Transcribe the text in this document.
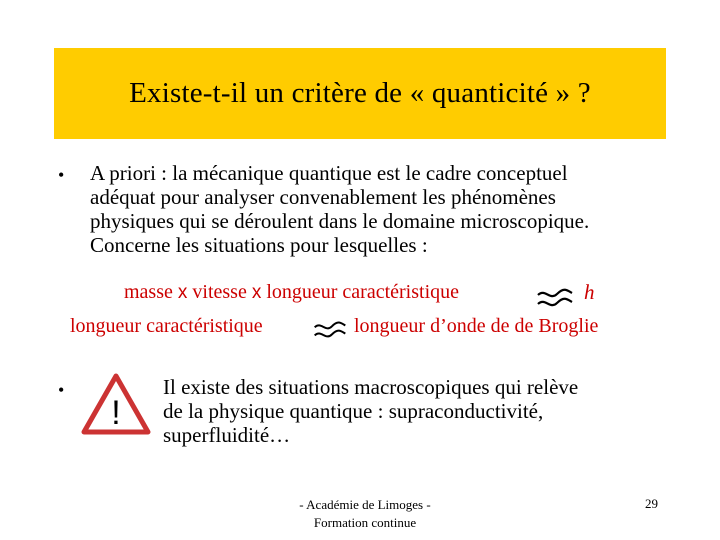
Existe-t-il un critère de « quanticité » ?
• A priori : la mécanique quantique est le cadre conceptuel
adéquat pour analyser convenablement les phénomènes
physiques qui se déroulent dans le domaine microscopique.
Concerne les situations pour lesquelles :
masse x vitesse x longueur caractéristique	h
longueur caractéristique	longueur d’onde de de Broglie
•
!
Il existe des situations macroscopiques qui relève
de la physique quantique : supraconductivité,
superfluidité…
- Académie de Limoges -
Formation continue
29
